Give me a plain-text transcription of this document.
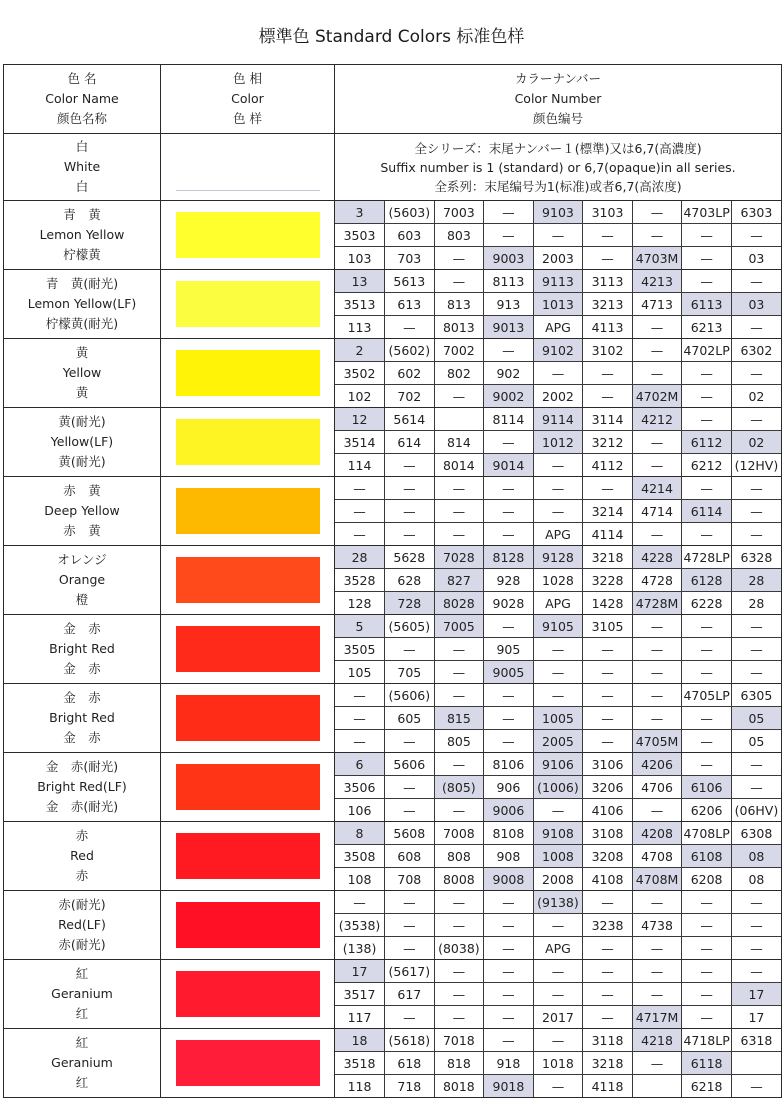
標準色 Standard Colors 标准色样
色 名
Color Name
颜色名称

色 相
Color
色 样

カラーナンバー
Color Number
颜色编号

白
White
白

全シリーズ：末尾ナンバー１(標準)又は6,7(高濃度)
Suffix number is 1 (standard) or 6,7(opaque)in all series.
全系列：末尾编号为1(标准)或者6,7(高浓度)

青　黄
Lemon Yellow
柠檬黄

3	(5603)	7003	—	9103	3103	—	4703LP	6303
3503	603	803	—	—	—	—	—	—
103	703	—	9003	2003	—	4703M	—	03

青　黄(耐光)
Lemon Yellow(LF)
柠檬黄(耐光)

13	5613	—	8113	9113	3113	4213	—	—
3513	613	813	913	1013	3213	4713	6113	03
113	—	8013	9013	APG	4113	—	6213	—

黄
Yellow
黄

2	(5602)	7002	—	9102	3102	—	4702LP	6302
3502	602	802	902	—	—	—	—	—
102	702	—	9002	2002	—	4702M	—	02

黄(耐光)
Yellow(LF)
黄(耐光)

12	5614		8114	9114	3114	4212	—	—
3514	614	814	—	1012	3212	—	6112	02
114	—	8014	9014	—	4112	—	6212	(12HV)

赤　黄
Deep Yellow
赤　黄

—	—	—	—	—	—	4214	—	—
—	—	—	—	—	3214	4714	6114	—
—	—	—	—	APG	4114	—	—	—

オレンジ
Orange
橙

28	5628	7028	8128	9128	3218	4228	4728LP	6328
3528	628	827	928	1028	3228	4728	6128	28
128	728	8028	9028	APG	1428	4728M	6228	28

金　赤
Bright Red
金　赤

5	(5605)	7005	—	9105	3105	—	—	—
3505	—	—	905	—	—	—	—	—
105	705	—	9005	—	—	—	—	—

金　赤
Bright Red
金　赤

—	(5606)	—	—	—	—	—	4705LP	6305
—	605	815	—	1005	—	—	—	05
—	—	805	—	2005	—	4705M	—	05

金　赤(耐光)
Bright Red(LF)
金　赤(耐光)

6	5606	—	8106	9106	3106	4206	—	—
3506	—	(805)	906	(1006)	3206	4706	6106	—
106	—	—	9006	—	4106	—	6206	(06HV)

赤
Red
赤

8	5608	7008	8108	9108	3108	4208	4708LP	6308
3508	608	808	908	1008	3208	4708	6108	08
108	708	8008	9008	2008	4108	4708M	6208	08

赤(耐光)
Red(LF)
赤(耐光)

—	—	—	—	(9138)	—	—	—	—
(3538)	—	—	—	—	3238	4738	—	—
(138)	—	(8038)	—	APG	—	—	—	—

紅
Geranium
红

17	(5617)	—	—	—	—	—	—	—
3517	617	—	—	—	—	—	—	17
117	—	—	—	2017	—	4717M	—	17

紅
Geranium
红

18	(5618)	7018	—	—	3118	4218	4718LP	6318
3518	618	818	918	1018	3218	—	6118	
118	718	8018	9018	—	4118		6218	—
